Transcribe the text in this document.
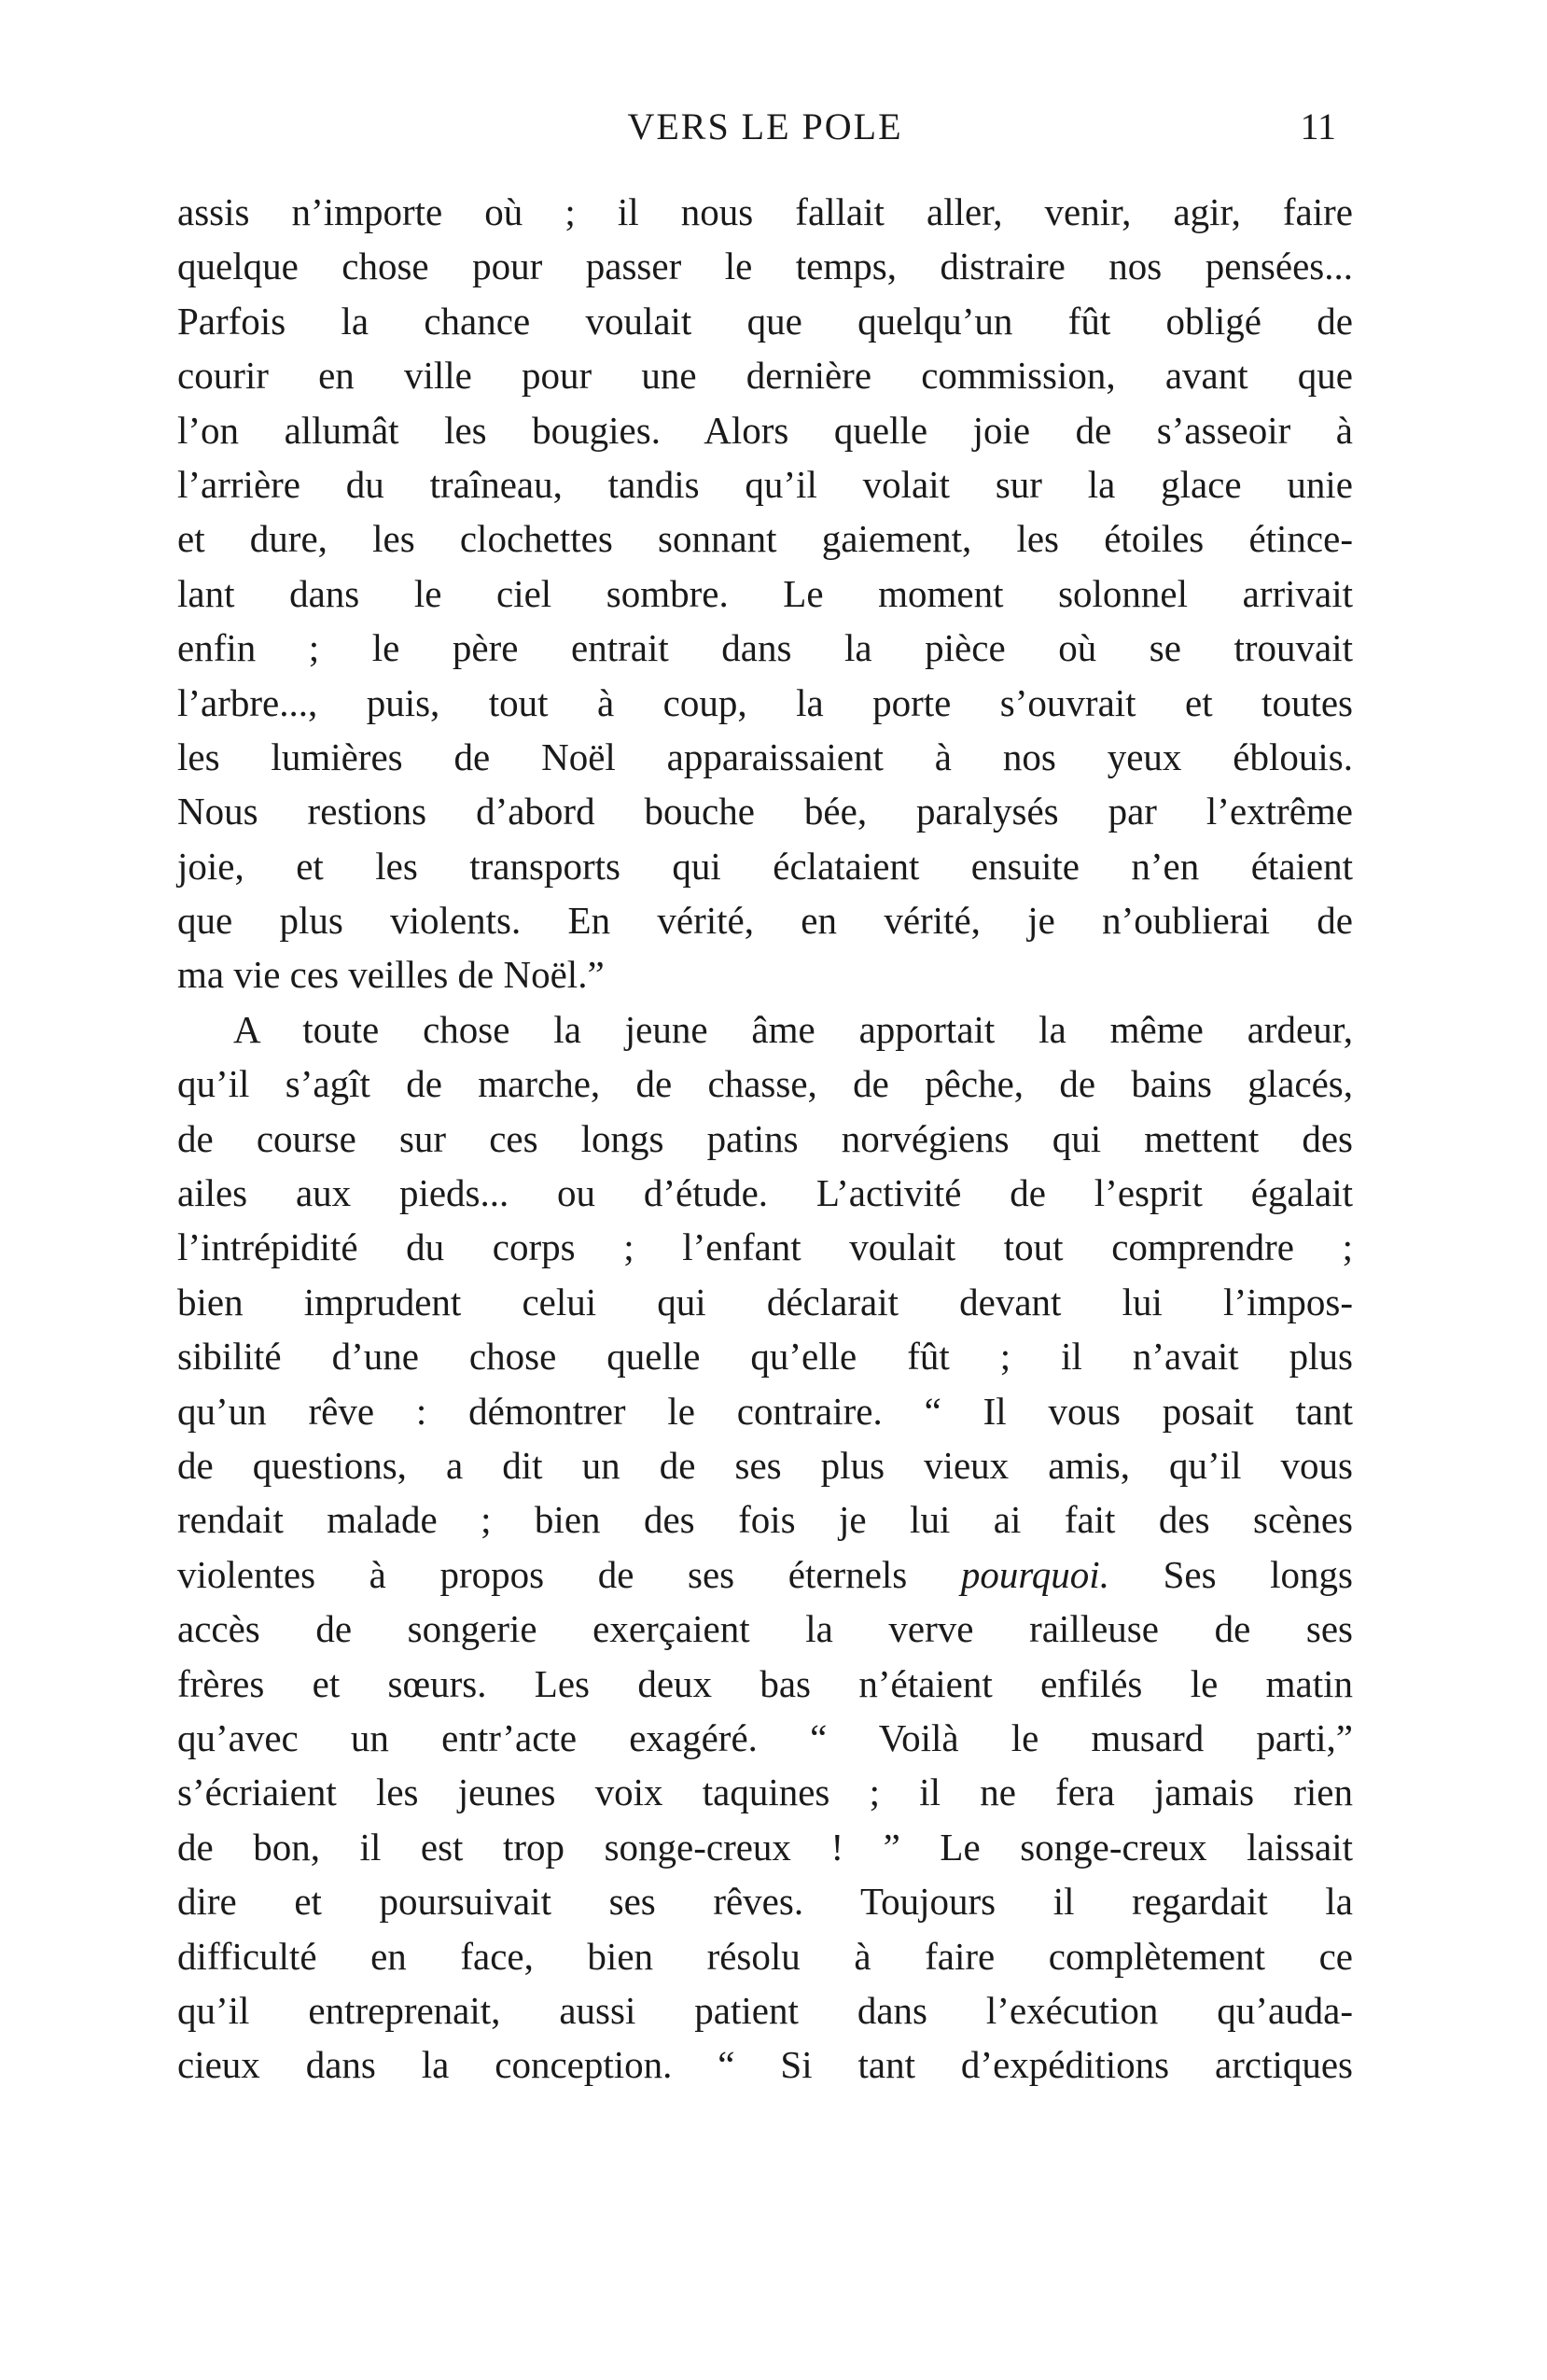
VERS LE POLE	11
assis n’importe où ; il nous fallait aller, venir, agir, faire
quelque chose pour passer le temps, distraire nos pensées...
Parfois la chance voulait que quelqu’un fût obligé de
courir en ville pour une dernière commission, avant que
l’on allumât les bougies. Alors quelle joie de s’asseoir à
l’arrière du traîneau, tandis qu’il volait sur la glace unie
et dure, les clochettes sonnant gaiement, les étoiles étince-
lant dans le ciel sombre. Le moment solonnel arrivait
enfin ; le père entrait dans la pièce où se trouvait
l’arbre..., puis, tout à coup, la porte s’ouvrait et toutes
les lumières de Noël apparaissaient à nos yeux éblouis.
Nous restions d’abord bouche bée, paralysés par l’extrême
joie, et les transports qui éclataient ensuite n’en étaient
que plus violents. En vérité, en vérité, je n’oublierai de
ma vie ces veilles de Noël.”
A toute chose la jeune âme apportait la même ardeur,
qu’il s’agît de marche, de chasse, de pêche, de bains glacés,
de course sur ces longs patins norvégiens qui mettent des
ailes aux pieds... ou d’étude. L’activité de l’esprit égalait
l’intrépidité du corps ; l’enfant voulait tout comprendre ;
bien imprudent celui qui déclarait devant lui l’impos-
sibilité d’une chose quelle qu’elle fût ; il n’avait plus
qu’un rêve : démontrer le contraire. “ Il vous posait tant
de questions, a dit un de ses plus vieux amis, qu’il vous
rendait malade ; bien des fois je lui ai fait des scènes
violentes à propos de ses éternels pourquoi. Ses longs
accès de songerie exerçaient la verve railleuse de ses
frères et sœurs. Les deux bas n’étaient enfilés le matin
qu’avec un entr’acte exagéré. “ Voilà le musard parti,”
s’écriaient les jeunes voix taquines ; il ne fera jamais rien
de bon, il est trop songe-creux ! ” Le songe-creux laissait
dire et poursuivait ses rêves. Toujours il regardait la
difficulté en face, bien résolu à faire complètement ce
qu’il entreprenait, aussi patient dans l’exécution qu’auda-
cieux dans la conception. “ Si tant d’expéditions arctiques
